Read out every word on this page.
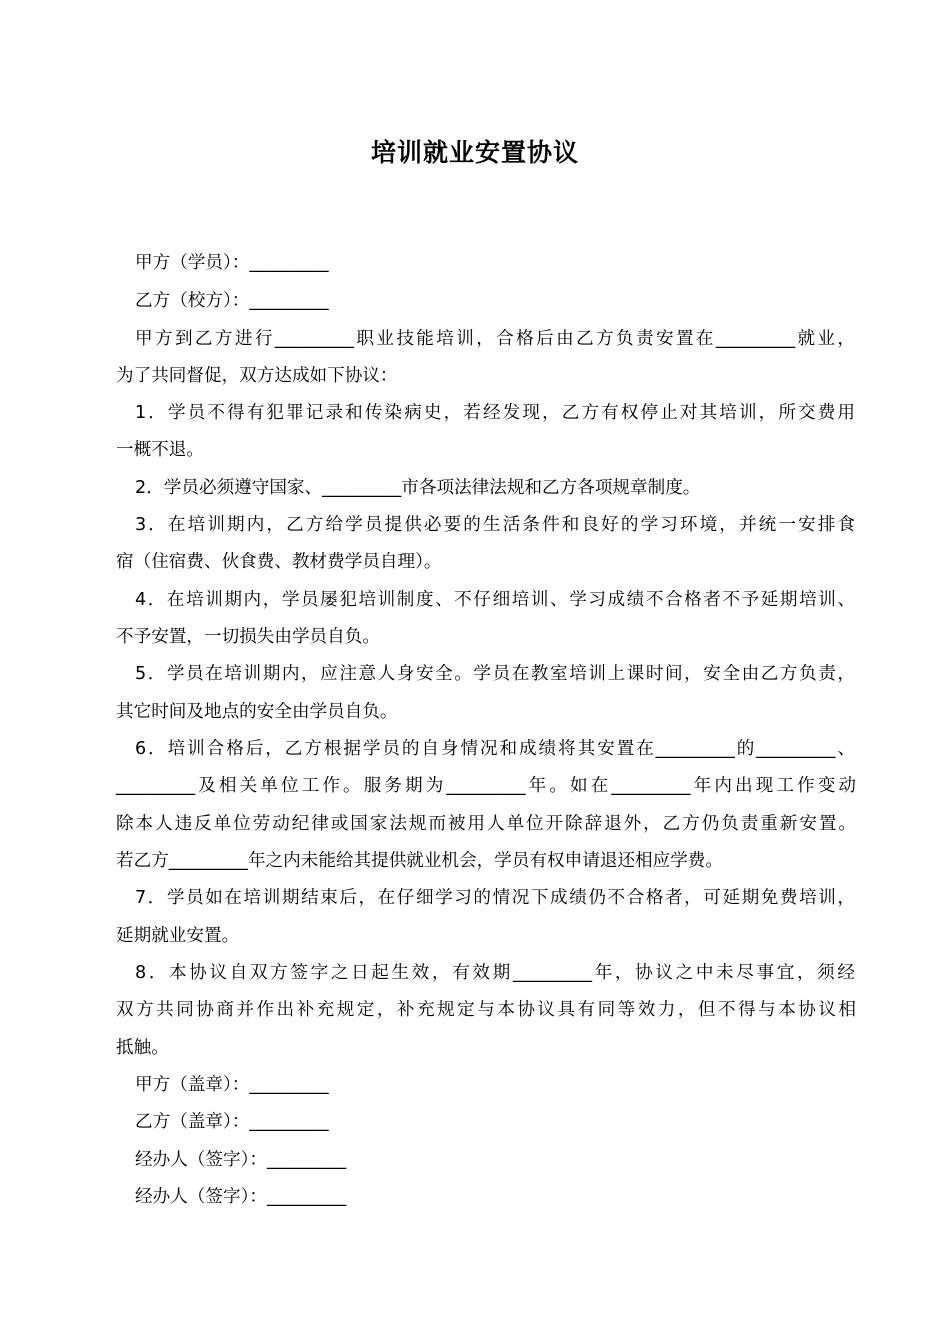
培训就业安置协议
甲方（学员）：_________
乙方（校方）：_________
甲方到乙方进行_________职业技能培训，合格后由乙方负责安置在_________就业，
为了共同督促，双方达成如下协议：
1．学员不得有犯罪记录和传染病史，若经发现，乙方有权停止对其培训，所交费用
一概不退。
2．学员必须遵守国家、_________市各项法律法规和乙方各项规章制度。
3．在培训期内，乙方给学员提供必要的生活条件和良好的学习环境，并统一安排食
宿（住宿费、伙食费、教材费学员自理）。
4．在培训期内，学员屡犯培训制度、不仔细培训、学习成绩不合格者不予延期培训、
不予安置，一切损失由学员自负。
5．学员在培训期内，应注意人身安全。学员在教室培训上课时间，安全由乙方负责，
其它时间及地点的安全由学员自负。
6．培训合格后，乙方根据学员的自身情况和成绩将其安置在_________的_________、
_________及相关单位工作。服务期为_________年。如在_________年内出现工作变动
除本人违反单位劳动纪律或国家法规而被用人单位开除辞退外，乙方仍负责重新安置。
若乙方_________年之内未能给其提供就业机会，学员有权申请退还相应学费。
7．学员如在培训期结束后，在仔细学习的情况下成绩仍不合格者，可延期免费培训，
延期就业安置。
8．本协议自双方签字之日起生效，有效期_________年，协议之中未尽事宜，须经
双方共同协商并作出补充规定，补充规定与本协议具有同等效力，但不得与本协议相
抵触。
甲方（盖章）：_________
乙方（盖章）：_________
经办人（签字）：_________
经办人（签字）：_________
